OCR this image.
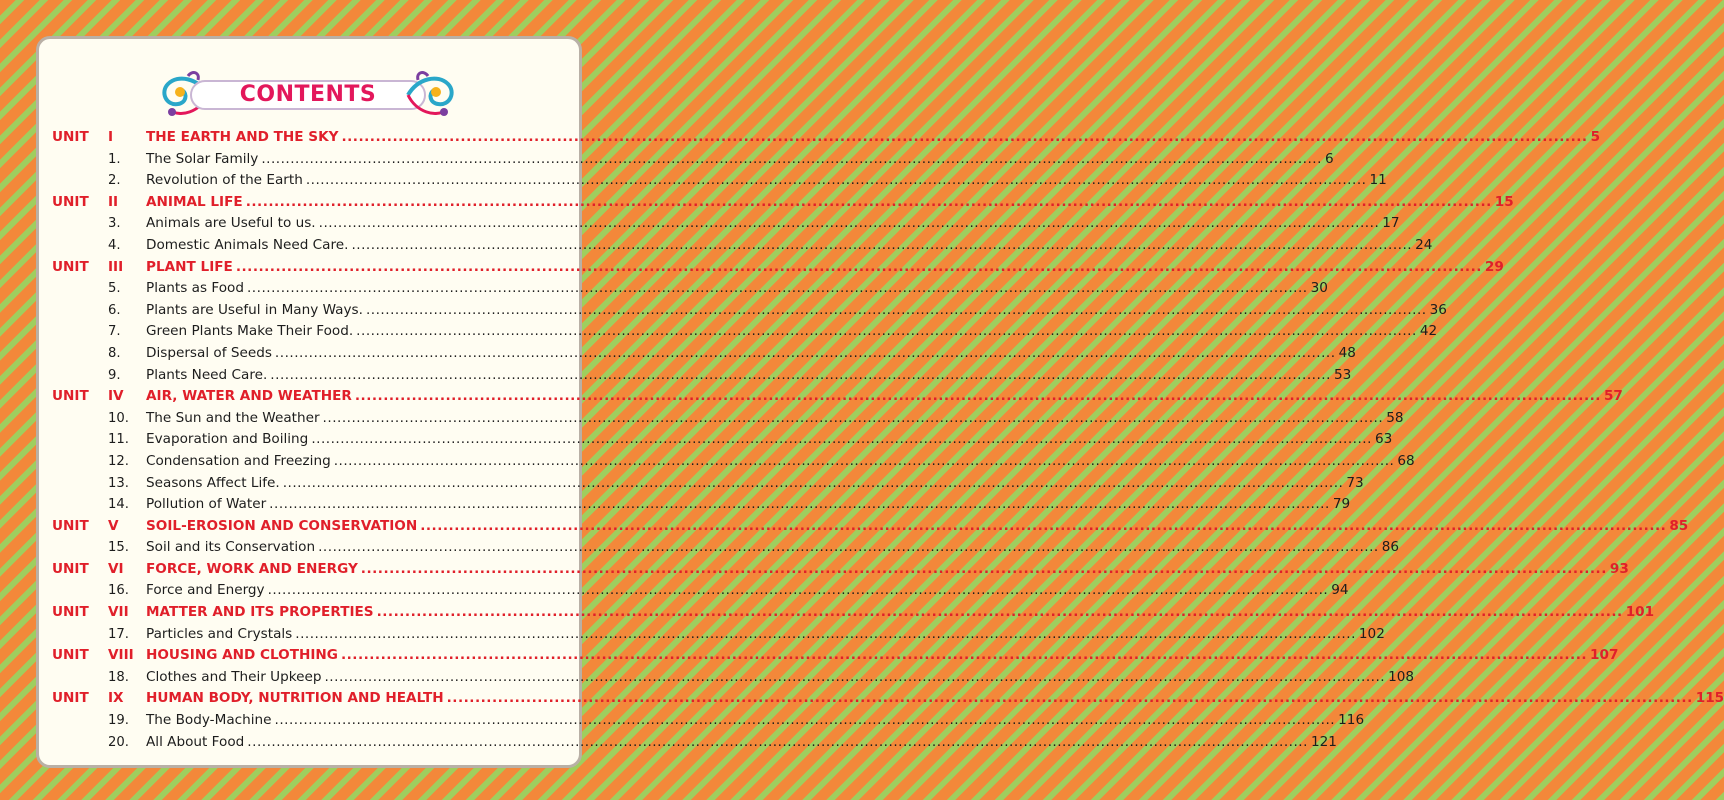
CONTENTS
UNIT	I	THE EARTH AND THE SKY ............................................................................................................................................................................................................................ 5
1.	The Solar Family ............................................................................................................................................................................................................................ 6
2.	Revolution of the Earth ............................................................................................................................................................................................................................ 11
UNIT	II	ANIMAL LIFE ............................................................................................................................................................................................................................ 15
3.	Animals are Useful to us. ............................................................................................................................................................................................................................ 17
4.	Domestic Animals Need Care. ............................................................................................................................................................................................................................ 24
UNIT	III	PLANT LIFE ............................................................................................................................................................................................................................ 29
5.	Plants as Food ............................................................................................................................................................................................................................ 30
6.	Plants are Useful in Many Ways. ............................................................................................................................................................................................................................ 36
7.	Green Plants Make Their Food. ............................................................................................................................................................................................................................ 42
8.	Dispersal of Seeds ............................................................................................................................................................................................................................ 48
9.	Plants Need Care. ............................................................................................................................................................................................................................ 53
UNIT	IV	AIR, WATER AND WEATHER ............................................................................................................................................................................................................................ 57
10.	The Sun and the Weather ............................................................................................................................................................................................................................ 58
11.	Evaporation and Boiling ............................................................................................................................................................................................................................ 63
12.	Condensation and Freezing ............................................................................................................................................................................................................................ 68
13.	Seasons Affect Life. ............................................................................................................................................................................................................................ 73
14.	Pollution of Water ............................................................................................................................................................................................................................ 79
UNIT	V	SOIL-EROSION AND CONSERVATION ............................................................................................................................................................................................................................ 85
15.	Soil and its Conservation ............................................................................................................................................................................................................................ 86
UNIT	VI	FORCE, WORK AND ENERGY ............................................................................................................................................................................................................................ 93
16.	Force and Energy ............................................................................................................................................................................................................................ 94
UNIT	VII	MATTER AND ITS PROPERTIES ............................................................................................................................................................................................................................ 101
17.	Particles and Crystals ............................................................................................................................................................................................................................ 102
UNIT	VIII HOUSING AND CLOTHING ............................................................................................................................................................................................................................ 107
18.	Clothes and Their Upkeep ............................................................................................................................................................................................................................ 108
UNIT	IX	HUMAN BODY, NUTRITION AND HEALTH ............................................................................................................................................................................................................................ 115
19.	The Body-Machine ............................................................................................................................................................................................................................ 116
20.	All About Food ............................................................................................................................................................................................................................ 121
